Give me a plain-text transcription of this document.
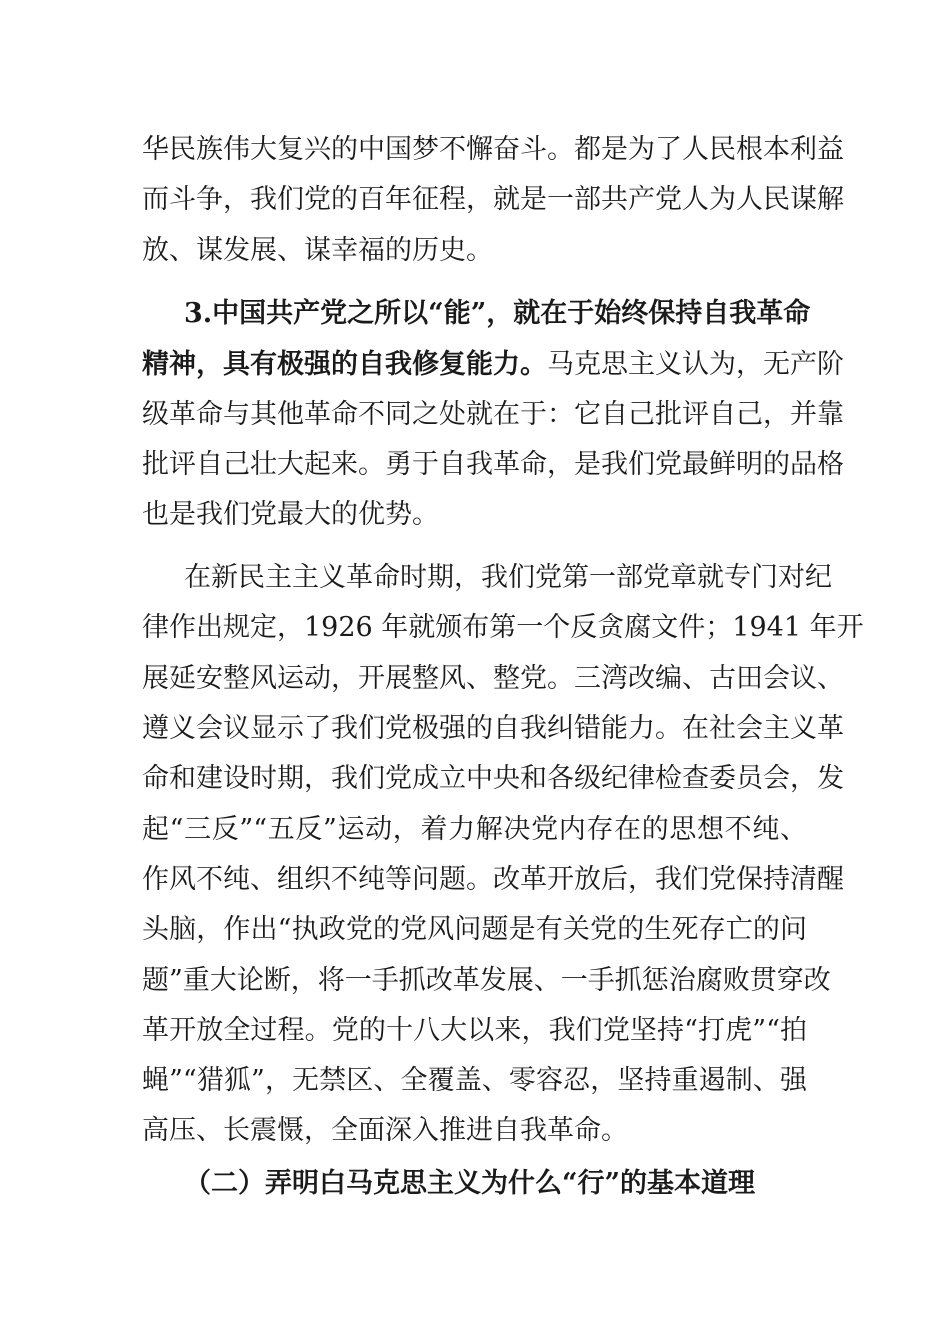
华民族伟大复兴的中国梦不懈奋斗。都是为了人民根本利益
而斗争，我们党的百年征程，就是一部共产党人为人民谋解
放、谋发展、谋幸福的历史。
3.中国共产党之所以“能”，就在于始终保持自我革命
精神，具有极强的自我修复能力。马克思主义认为，无产阶
级革命与其他革命不同之处就在于：它自己批评自己，并靠
批评自己壮大起来。勇于自我革命，是我们党最鲜明的品格
也是我们党最大的优势。
在新民主主义革命时期，我们党第一部党章就专门对纪
律作出规定，1926 年就颁布第一个反贪腐文件；1941 年开
展延安整风运动，开展整风、整党。三湾改编、古田会议、
遵义会议显示了我们党极强的自我纠错能力。在社会主义革
命和建设时期，我们党成立中央和各级纪律检查委员会，发
起“三反”“五反”运动，着力解决党内存在的思想不纯、
作风不纯、组织不纯等问题。改革开放后，我们党保持清醒
头脑，作出“执政党的党风问题是有关党的生死存亡的问
题”重大论断，将一手抓改革发展、一手抓惩治腐败贯穿改
革开放全过程。党的十八大以来，我们党坚持“打虎”“拍
蝇”“猎狐”，无禁区、全覆盖、零容忍，坚持重遏制、强
高压、长震慑，全面深入推进自我革命。
（二）弄明白马克思主义为什么“行”的基本道理
